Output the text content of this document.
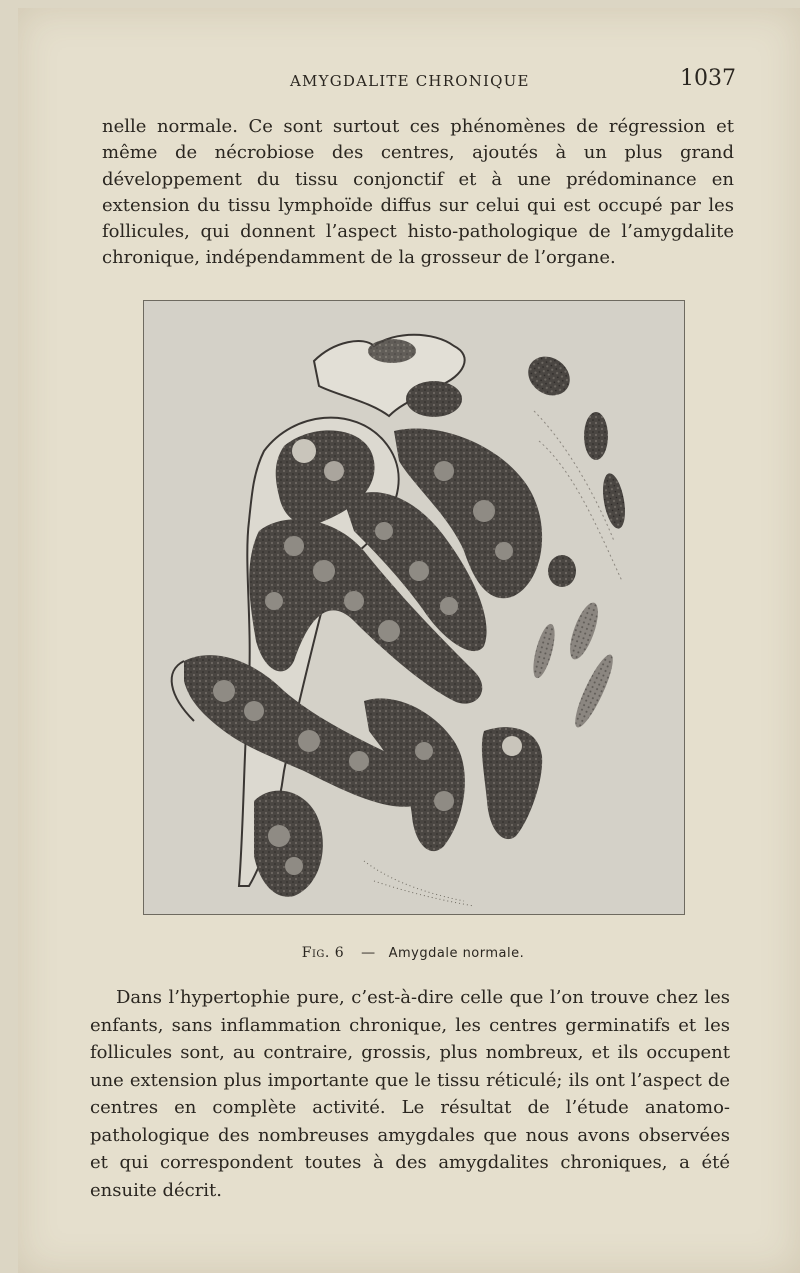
AMYGDALITE CHRONIQUE	1037

nelle normale. Ce sont surtout ces phénomènes de régression et même de nécrobiose des centres, ajoutés à un plus grand développement du tissu conjonctif et à une prédominance en extension du tissu lymphoïde diffus sur celui qui est occupé par les follicules, qui donnent l’aspect histo-pathologique de l’amygdalite chronique, indépendamment de la grosseur de l’organe.

Fig. 6 — Amygdale normale.

Dans l’hypertophie pure, c’est-à-dire celle que l’on trouve chez les enfants, sans inflammation chronique, les centres germinatifs et les follicules sont, au contraire, grossis, plus nombreux, et ils occupent une extension plus importante que le tissu réticulé; ils ont l’aspect de centres en complète activité. Le résultat de l’étude anatomo-pathologique des nombreuses amygdales que nous avons observées et qui correspondent toutes à des amygdalites chroniques, a été ensuite décrit.
